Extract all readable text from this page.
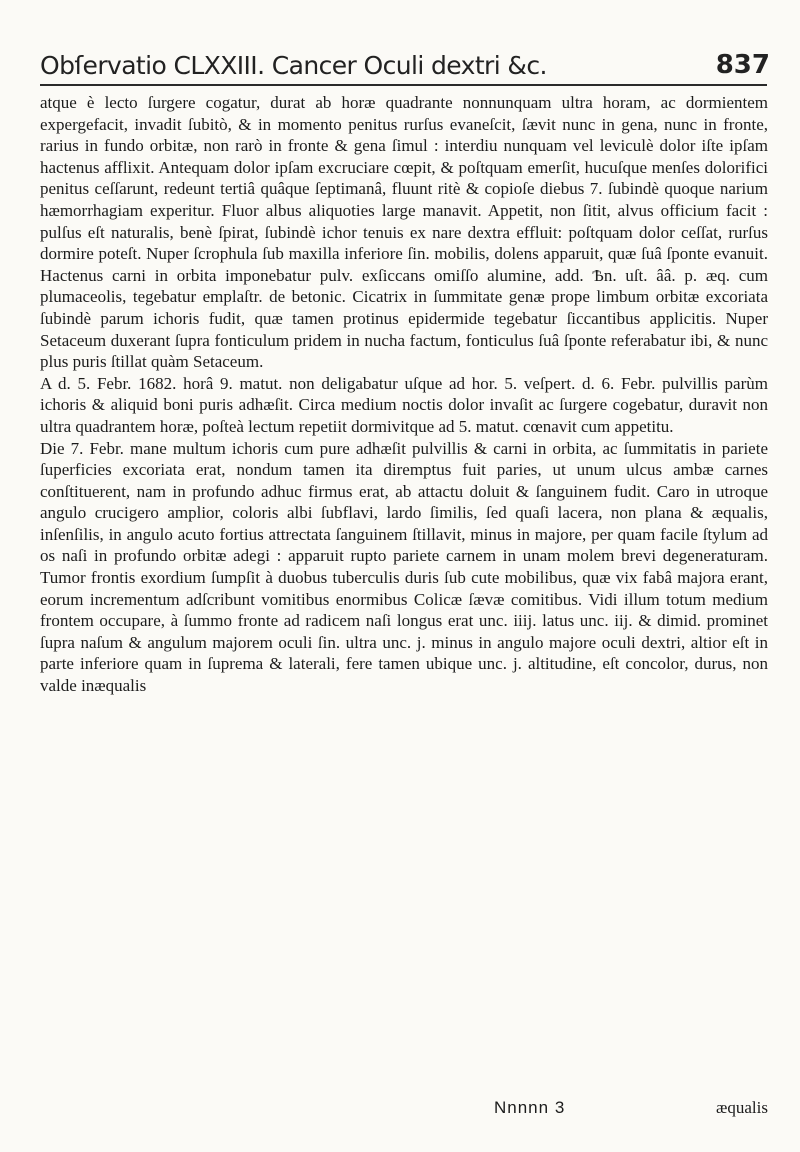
Obſervatio CLXXIII. Cancer Oculi dextri &c.	837

atque è lecto ſurgere cogatur, durat ab horæ quadrante nonnunquam ultra horam, ac dormientem expergefacit, invadit ſubitò, & in momento penitus rurſus evaneſcit, ſævit nunc in gena, nunc in fronte, rarius in fundo orbitæ, non rarò in fronte & gena ſimul : interdiu nunquam vel leviculè dolor iſte ipſam hactenus afflixit. Antequam dolor ipſam excruciare cœpit, & poſtquam emerſit, hucuſque menſes dolorifici penitus ceſſarunt, redeunt tertiâ quâque ſeptimanâ, fluunt ritè & copioſe diebus 7. ſubindè quoque narium hæmorrhagiam experitur. Fluor albus aliquoties large manavit. Appetit, non ſitit, alvus officium facit : pulſus eſt naturalis, benè ſpirat, ſubindè ichor tenuis ex nare dextra effluit: poſtquam dolor ceſſat, rurſus dormire poteſt. Nuper ſcrophula ſub maxilla inferiore ſin. mobilis, dolens apparuit, quæ ſuâ ſponte evanuit. Hactenus carni in orbita imponebatur pulv. exſiccans omiſſo alumine, add. Ѣn. uſt. ââ. p. æq. cum plumaceolis, tegebatur emplaſtr. de betonic. Cicatrix in ſummitate genæ prope limbum orbitæ excoriata ſubindè parum ichoris fudit, quæ tamen protinus epidermide tegebatur ſiccantibus applicitis. Nuper Setaceum duxerant ſupra fonticulum pridem in nucha factum, fonticulus ſuâ ſponte referabatur ibi, & nunc plus puris ſtillat quàm Setaceum.

A d. 5. Febr. 1682. horâ 9. matut. non deligabatur uſque ad hor. 5. veſpert. d. 6. Febr. pulvillis parùm ichoris & aliquid boni puris adhæſit. Circa medium noctis dolor invaſit ac ſurgere cogebatur, duravit non ultra quadrantem horæ, poſteà lectum repetiit dormivitque ad 5. matut. cœnavit cum appetitu.

Die 7. Febr. mane multum ichoris cum pure adhæſit pulvillis & carni in orbita, ac ſummitatis in pariete ſuperficies excoriata erat, nondum tamen ita diremptus fuit paries, ut unum ulcus ambæ carnes conſtituerent, nam in profundo adhuc firmus erat, ab attactu doluit & ſanguinem fudit. Caro in utroque angulo crucigero amplior, coloris albi ſubflavi, lardo ſimilis, ſed quaſi lacera, non plana & æqualis, inſenſilis, in angulo acuto fortius attrectata ſanguinem ſtillavit, minus in majore, per quam facile ſtylum ad os naſi in profundo orbitæ adegi : apparuit rupto pariete carnem in unam molem brevi degeneraturam. Tumor frontis exordium ſumpſit à duobus tuberculis duris ſub cute mobilibus, quæ vix fabâ majora erant, eorum incrementum adſcribunt vomitibus enormibus Colicæ ſævæ comitibus. Vidi illum totum medium frontem occupare, à ſummo fronte ad radicem naſi longus erat unc. iiij. latus unc. iij. & dimid. prominet ſupra naſum & angulum majorem oculi ſin. ultra unc. j. minus in angulo majore oculi dextri, altior eſt in parte inferiore quam in ſuprema & laterali, fere tamen ubique unc. j. altitudine, eſt concolor, durus, non valde inæqualis

Nnnnn 3	æqualis
